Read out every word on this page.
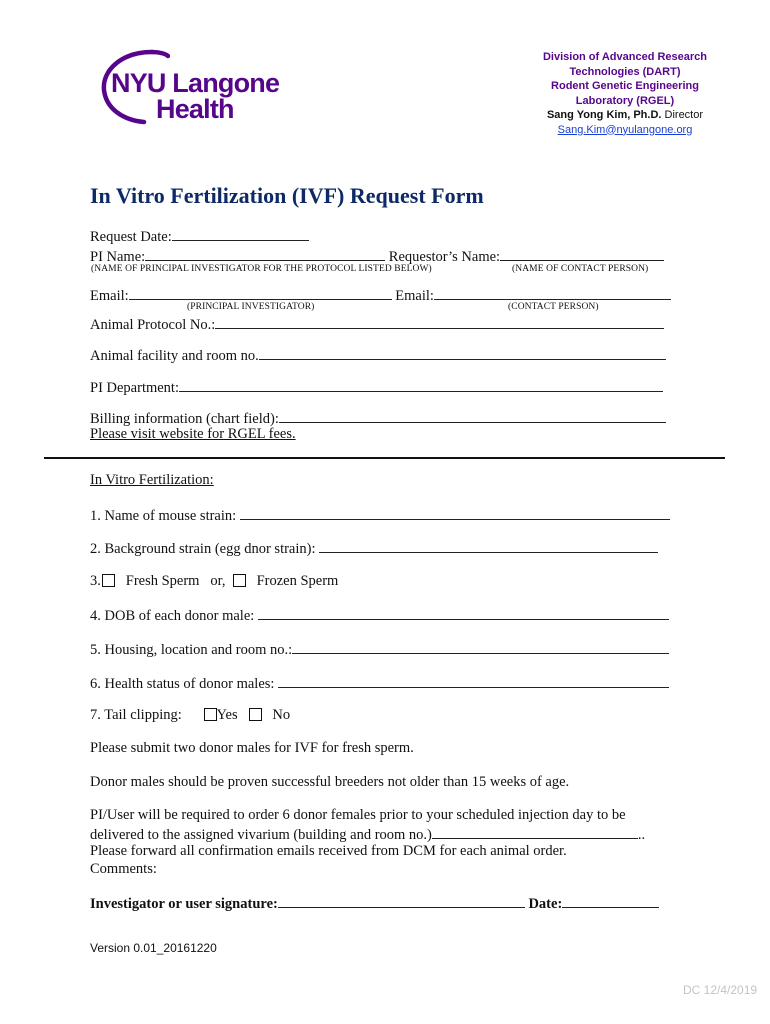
NYU Langone
Health
Division of Advanced Research
Technologies (DART)
Rodent Genetic Engineering
Laboratory (RGEL)
Sang Yong Kim, Ph.D. Director
Sang.Kim@nyulangone.org
In Vitro Fertilization (IVF) Request Form
Request Date:
PI Name:	Requestor’s Name:
(NAME OF PRINCIPAL INVESTIGATOR FOR THE PROTOCOL LISTED BELOW)	(NAME OF CONTACT PERSON)
Email:	Email:
(PRINCIPAL INVESTIGATOR)	(CONTACT PERSON)
Animal Protocol No.:
Animal facility and room no.
PI Department:
Billing information (chart field):
Please visit website for RGEL fees.
In Vitro Fertilization:
1. Name of mouse strain:
2. Background strain (egg dnor strain):
3. Fresh Sperm or, Frozen Sperm
4. DOB of each donor male:
5. Housing, location and room no.:
6. Health status of donor males:
7. Tail clipping: Yes No
Please submit two donor males for IVF for fresh sperm.
Donor males should be proven successful breeders not older than 15 weeks of age.
PI/User will be required to order 6 donor females prior to your scheduled injection day to be
delivered to the assigned vivarium (building and room no.)	..
Please forward all confirmation emails received from DCM for each animal order.
Comments:
Investigator or user signature:	Date:
Version 0.01_20161220
DC 12/4/2019
